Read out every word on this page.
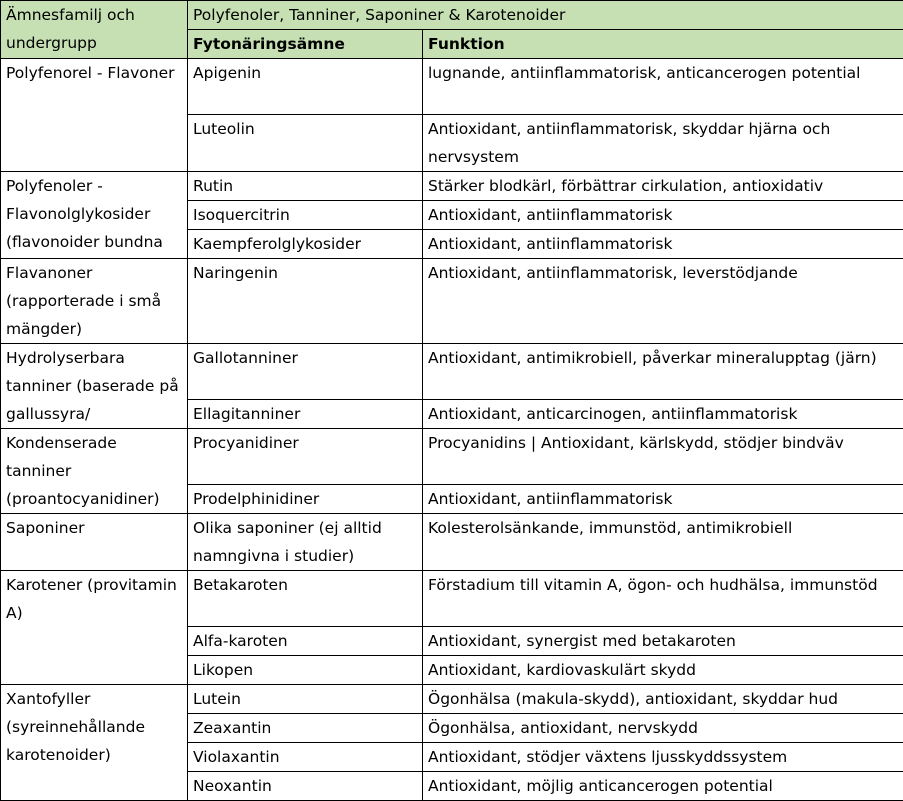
Ämnesfamilj och undergrupp	Polyfenoler, Tanniner, Saponiner & Karotenoider	
	Fytonäringsämne	Funktion
Polyfenorel - Flavoner	Apigenin	lugnande, antiinflammatorisk, anticancerogen potential
	Luteolin	Antioxidant, antiinflammatorisk, skyddar hjärna och nervsystem
Polyfenoler - Flavonolglykosider (flavonoider bundna	Rutin	Stärker blodkärl, förbättrar cirkulation, antioxidativ
	Isoquercitrin	Antioxidant, antiinflammatorisk
	Kaempferolglykosider	Antioxidant, antiinflammatorisk
Flavanoner (rapporterade i små mängder)	Naringenin	Antioxidant, antiinflammatorisk, leverstödjande
Hydrolyserbara tanniner (baserade på gallussyra/	Gallotanniner	Antioxidant, antimikrobiell, påverkar mineralupptag (järn)
	Ellagitanniner	Antioxidant, anticarcinogen, antiinflammatorisk
Kondenserade tanniner (proantocyanidiner)	Procyanidiner	Procyanidins | Antioxidant, kärlskydd, stödjer bindväv
	Prodelphinidiner	Antioxidant, antiinflammatorisk
Saponiner	Olika saponiner (ej alltid namngivna i studier)	Kolesterolsänkande, immunstöd, antimikrobiell
Karotener (provitamin A)	Betakaroten	Förstadium till vitamin A, ögon- och hudhälsa, immunstöd
	Alfa-karoten	Antioxidant, synergist med betakaroten
	Likopen	Antioxidant, kardiovaskulärt skydd
Xantofyller (syreinnehållande karotenoider)	Lutein	Ögonhälsa (makula-skydd), antioxidant, skyddar hud
	Zeaxantin	Ögonhälsa, antioxidant, nervskydd
	Violaxantin	Antioxidant, stödjer växtens ljusskyddssystem
	Neoxantin	Antioxidant, möjlig anticancerogen potential
